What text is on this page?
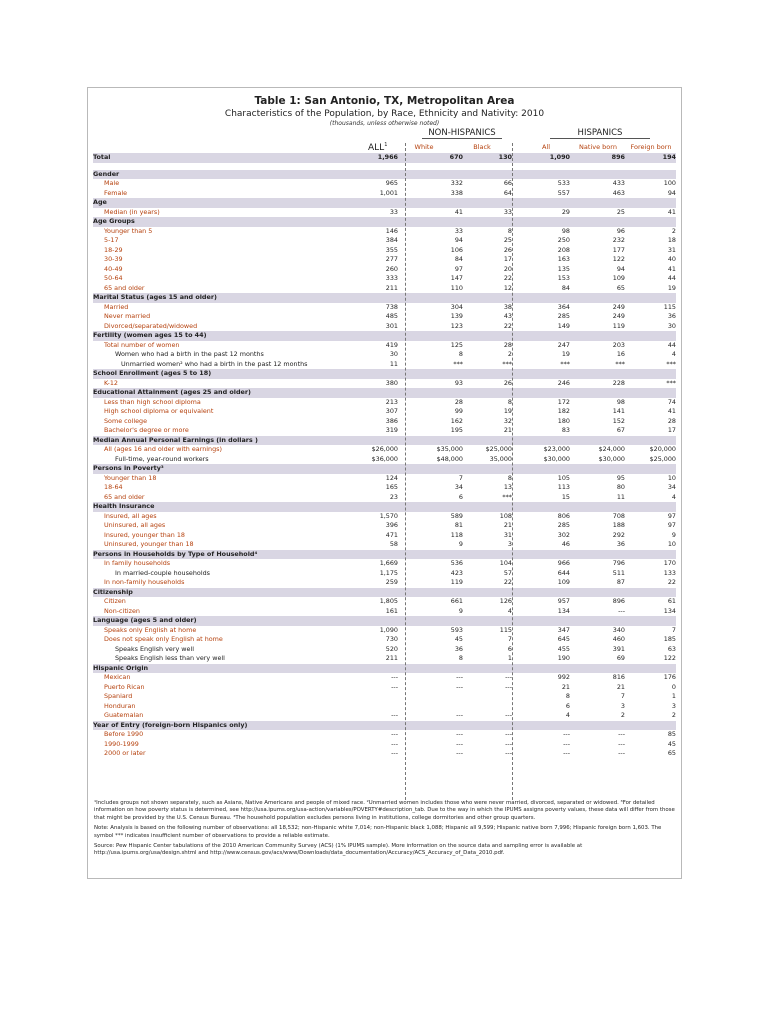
Table 1: San Antonio, TX, Metropolitan Area
Characteristics of the Population, by Race, Ethnicity and Nativity: 2010
(thousands, unless otherwise noted)
NON-HISPANICS	HISPANICS
ALL$^1$	White	Black	All	Native born	Foreign born
Total	1,966	670	130	1,090	896	194

Gender						
Male	965	332	66	533	433	100
Female	1,001	338	64	557	463	94
Age						
Median (in years)	33	41	33	29	25	41
Age Groups						
Younger than 5	146	33	8	98	96	2
5-17	384	94	25	250	232	18
18-29	355	106	26	208	177	31
30-39	277	84	17	163	122	40
40-49	260	97	20	135	94	41
50-64	333	147	22	153	109	44
65 and older	211	110	12	84	65	19
Marital Status (ages 15 and older)						
Married	738	304	38	364	249	115
Never married	485	139	43	285	249	36
Divorced/separated/widowed	301	123	22	149	119	30
Fertility (women ages 15 to 44)						
Total number of women	419	125	28	247	203	44
Women who had a birth in the past 12 months	30	8	2	19	16	4
Unmarried women² who had a birth in the past 12 months	11	***	***	***	***	***
School Enrollment (ages 5 to 18)						
K-12	380	93	26	246	228	***
Educational Attainment (ages 25 and older)						
Less than high school diploma	213	28	8	172	98	74
High school diploma or equivalent	307	99	19	182	141	41
Some college	386	162	32	180	152	28
Bachelor's degree or more	319	195	21	83	67	17
Median Annual Personal Earnings (in dollars )						
All (ages 16 and older with earnings)	$26,000	$35,000	$25,000	$23,000	$24,000	$20,000
Full-time, year-round workers	$36,000	$48,000	35,000	$30,000	$30,000	$25,000
Persons in Poverty³						
Younger than 18	124	7	8	105	95	10
18-64	165	34	13	113	80	34
65 and older	23	6	***	15	11	4
Health Insurance						
Insured, all ages	1,570	589	108	806	708	97
Uninsured, all ages	396	81	21	285	188	97
Insured, younger than 18	471	118	31	302	292	9
Uninsured, younger than 18	58	9	3	46	36	10
Persons in Households by Type of Household⁴						
In family households	1,669	536	104	966	796	170
In married-couple households	1,175	423	57	644	511	133
In non-family households	259	119	22	109	87	22
Citizenship						
Citizen	1,805	661	126	957	896	61
Non-citizen	161	9	4	134	---	134
Language (ages 5 and older)						
Speaks only English at home	1,090	593	115	347	340	7
Does not speak only English at home	730	45	7	645	460	185
Speaks English very well	520	36	6	455	391	63
Speaks English less than very well	211	8	1	190	69	122
Hispanic Origin						
Mexican	---	---	---	992	816	176
Puerto Rican	---	---	---	21	21	0
Spaniard				8	7	1
Honduran				6	3	3
Guatemalan	---	---	---	4	2	2
Year of Entry (foreign-born Hispanics only)						
Before 1990	---	---	---	---	---	85
1990-1999	---	---	---	---	---	45
2000 or later	---	---	---	---	---	65

¹Includes groups not shown separately, such as Asians, Native Americans and people of mixed race. ²Unmarried women includes those who were never married, divorced, separated or widowed. ³For detailed information on how poverty status is determined, see http://usa.ipums.org/usa-action/variables/POVERTY#description_tab. Due to the way in which the IPUMS assigns poverty values, these data will differ from those that might be provided by the U.S. Census Bureau. ⁴The household population excludes persons living in institutions, college dormitories and other group quarters.

Note: Analysis is based on the following number of observations: all 18,532; non-Hispanic white 7,014; non-Hispanic black 1,088; Hispanic all 9,599; Hispanic native born 7,996; Hispanic foreign born 1,603. The symbol *** indicates insufficient number of observations to provide a reliable estimate.

Source: Pew Hispanic Center tabulations of the 2010 American Community Survey (ACS) (1% IPUMS sample). More information on the source data and sampling error is available at http://usa.ipums.org/usa/design.shtml and http://www.census.gov/acs/www/Downloads/data_documentation/Accuracy/ACS_Accuracy_of_Data_2010.pdf.
